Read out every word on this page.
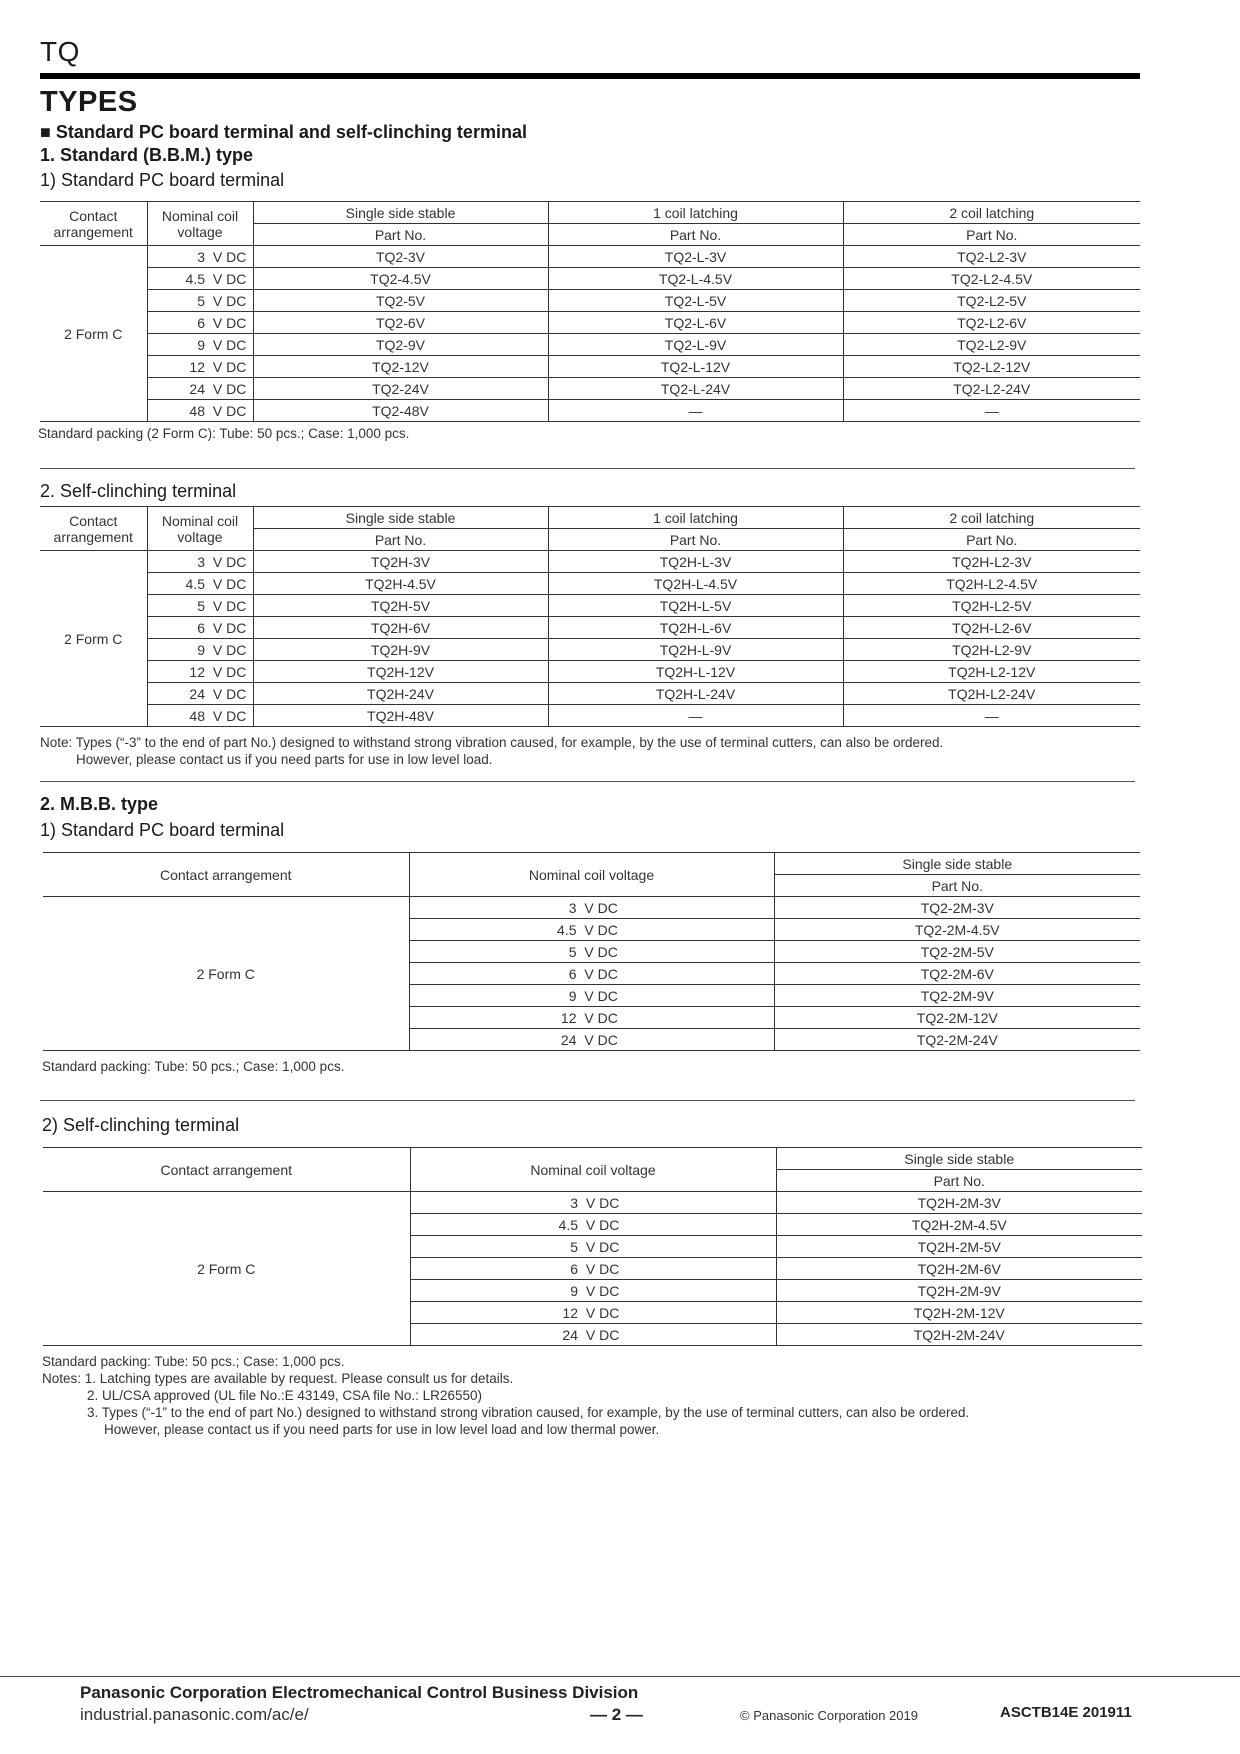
TQ
TYPES
■ Standard PC board terminal and self-clinching terminal
1. Standard (B.B.M.) type
1) Standard PC board terminal
Contact arrangement	Nominal coil voltage	Single side stable	1 coil latching	2 coil latching
		Part No.	Part No.	Part No.
2 Form C	3 V DC	TQ2-3V	TQ2-L-3V	TQ2-L2-3V
	4.5 V DC	TQ2-4.5V	TQ2-L-4.5V	TQ2-L2-4.5V
	5 V DC	TQ2-5V	TQ2-L-5V	TQ2-L2-5V
	6 V DC	TQ2-6V	TQ2-L-6V	TQ2-L2-6V
	9 V DC	TQ2-9V	TQ2-L-9V	TQ2-L2-9V
	12 V DC	TQ2-12V	TQ2-L-12V	TQ2-L2-12V
	24 V DC	TQ2-24V	TQ2-L-24V	TQ2-L2-24V
	48 V DC	TQ2-48V	—	—
Standard packing (2 Form C): Tube: 50 pcs.; Case: 1,000 pcs.
2. Self-clinching terminal
Contact arrangement	Nominal coil voltage	Single side stable	1 coil latching	2 coil latching
		Part No.	Part No.	Part No.
2 Form C	3 V DC	TQ2H-3V	TQ2H-L-3V	TQ2H-L2-3V
	4.5 V DC	TQ2H-4.5V	TQ2H-L-4.5V	TQ2H-L2-4.5V
	5 V DC	TQ2H-5V	TQ2H-L-5V	TQ2H-L2-5V
	6 V DC	TQ2H-6V	TQ2H-L-6V	TQ2H-L2-6V
	9 V DC	TQ2H-9V	TQ2H-L-9V	TQ2H-L2-9V
	12 V DC	TQ2H-12V	TQ2H-L-12V	TQ2H-L2-12V
	24 V DC	TQ2H-24V	TQ2H-L-24V	TQ2H-L2-24V
	48 V DC	TQ2H-48V	—	—
Note: Types (“-3” to the end of part No.) designed to withstand strong vibration caused, for example, by the use of terminal cutters, can also be ordered.
However, please contact us if you need parts for use in low level load.
2. M.B.B. type
1) Standard PC board terminal
Contact arrangement	Nominal coil voltage	Single side stable
		Part No.
2 Form C	3 V DC	TQ2-2M-3V
	4.5 V DC	TQ2-2M-4.5V
	5 V DC	TQ2-2M-5V
	6 V DC	TQ2-2M-6V
	9 V DC	TQ2-2M-9V
	12 V DC	TQ2-2M-12V
	24 V DC	TQ2-2M-24V
Standard packing: Tube: 50 pcs.; Case: 1,000 pcs.
2) Self-clinching terminal
Contact arrangement	Nominal coil voltage	Single side stable
		Part No.
2 Form C	3 V DC	TQ2H-2M-3V
	4.5 V DC	TQ2H-2M-4.5V
	5 V DC	TQ2H-2M-5V
	6 V DC	TQ2H-2M-6V
	9 V DC	TQ2H-2M-9V
	12 V DC	TQ2H-2M-12V
	24 V DC	TQ2H-2M-24V
Standard packing: Tube: 50 pcs.; Case: 1,000 pcs.
Notes: 1. Latching types are available by request. Please consult us for details.
2. UL/CSA approved (UL file No.:E 43149, CSA file No.: LR26550)
3. Types (“-1” to the end of part No.) designed to withstand strong vibration caused, for example, by the use of terminal cutters, can also be ordered.
However, please contact us if you need parts for use in low level load and low thermal power.
Panasonic Corporation Electromechanical Control Business Division
industrial.panasonic.com/ac/e/	— 2 —	© Panasonic Corporation 2019	ASCTB14E 201911
